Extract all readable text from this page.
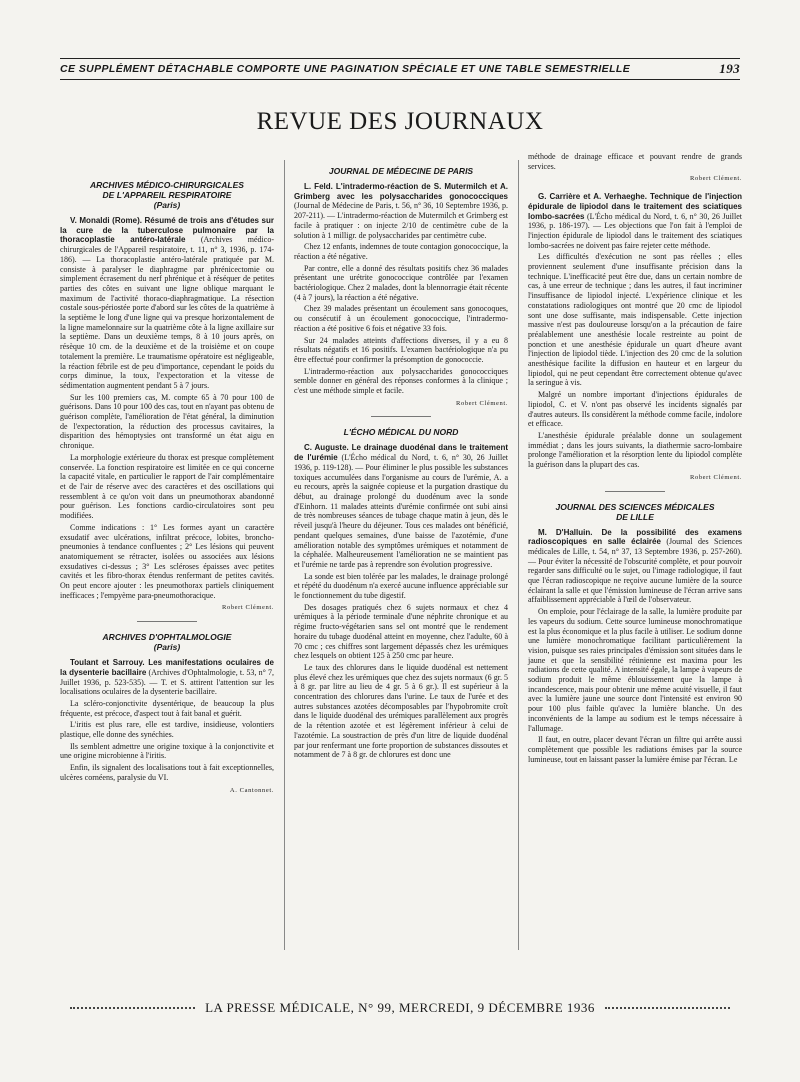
CE SUPPLÉMENT DÉTACHABLE COMPORTE UNE PAGINATION SPÉCIALE ET UNE TABLE SEMESTRIELLE	193
REVUE DES JOURNAUX
ARCHIVES MÉDICO-CHIRURGICALES
DE L'APPAREIL RESPIRATOIRE
(Paris)

V. Monaldi (Rome). Résumé de trois ans d'études sur la cure de la tuberculose pulmonaire par la thoracoplastie antéro-latérale (Archives médico-chirurgicales de l'Appareil respiratoire, t. 11, n° 3, 1936, p. 174-186). — La thoracoplastie antéro-latérale pratiquée par M. consiste à paralyser le diaphragme par phrénicectomie ou simplement écrasement du nerf phrénique et à réséquer de petites parties des côtes en suivant une ligne oblique marquant le maximum de l'activité thoraco-diaphragmatique. La résection costale sous-périostée porte d'abord sur les côtes de la quatrième à la septième le long d'une ligne qui va presque horizontalement de la ligne mamelonnaire sur la quatrième côte à la ligne axillaire sur la septième. Dans un deuxième temps, 8 à 10 jours après, on résèque 10 cm. de la deuxième et de la troisième et on coupe totalement la première. Le traumatisme opératoire est négligeable, la réaction fébrile est de peu d'importance, cependant le poids du corps diminue, la toux, l'expectoration et la vitesse de sédimentation augmentent pendant 5 à 7 jours.

Sur les 100 premiers cas, M. compte 65 à 70 pour 100 de guérisons. Dans 10 pour 100 des cas, tout en n'ayant pas obtenu de guérison complète, l'amélioration de l'état général, la diminution de l'expectoration, la réduction des processus cavitaires, la disparition des hémoptysies ont transformé un état aigu en chronique.

La morphologie extérieure du thorax est presque complètement conservée. La fonction respiratoire est limitée en ce qui concerne la capacité vitale, en particulier le rapport de l'air complémentaire et de l'air de réserve avec des caractères et des oscillations qui ressemblent à ce qu'on voit dans un pneumothorax abandonné pour guérison. Les fonctions cardio-circulatoires sont peu modifiées.

Comme indications : 1° Les formes ayant un caractère exsudatif avec ulcérations, infiltrat précoce, lobites, broncho-pneumonies à tendance confluentes ; 2° Les lésions qui peuvent anatomiquement se rétracter, isolées ou associées aux lésions exsudatives ci-dessus ; 3° Les scléroses épaisses avec petites cavités et les fibro-thorax étendus renfermant de petites cavités. On peut encore ajouter : les pneumothorax partiels cliniquement inefficaces ; l'empyème para-pneumothoracique.

Robert Clément.
ARCHIVES D'OPHTALMOLOGIE
(Paris)

Toulant et Sarrouy. Les manifestations oculaires de la dysenterie bacillaire (Archives d'Ophtalmologie, t. 53, n° 7, Juillet 1936, p. 523-535). — T. et S. attirent l'attention sur les localisations oculaires de la dysenterie bacillaire.

La scléro-conjonctivite dysentérique, de beaucoup la plus fréquente, est précoce, d'aspect tout à fait banal et guérit.

L'iritis est plus rare, elle est tardive, insidieuse, volontiers plastique, elle donne des synéchies.

Ils semblent admettre une origine toxique à la conjonctivite et une origine microbienne à l'iritis.

Enfin, ils signalent des localisations tout à fait exceptionnelles, ulcères cornéens, paralysie du VI.

A. Cantonnet.
JOURNAL DE MÉDECINE DE PARIS

L. Feld. L'intradermo-réaction de S. Mutermilch et A. Grimberg avec les polysaccharides gonococciques (Journal de Médecine de Paris, t. 56, n° 36, 10 Septembre 1936, p. 207-211). — L'intradermo-réaction de Mutermilch et Grimberg est facile à pratiquer : on injecte 2/10 de centimètre cube de la solution à 1 milligr. de polysaccharides par centimètre cube.

Chez 12 enfants, indemnes de toute contagion gonococcique, la réaction a été négative.

Par contre, elle a donné des résultats positifs chez 36 malades présentant une urétrite gonococcique contrôlée par l'examen bactériologique. Chez 2 malades, dont la blennorragie était récente (4 à 7 jours), la réaction a été négative.

Chez 39 malades présentant un écoulement sans gonocoques, ou consécutif à un écoulement gonococcique, l'intradermo-réaction a été positive 6 fois et négative 33 fois.

Sur 24 malades atteints d'affections diverses, il y a eu 8 résultats négatifs et 16 positifs. L'examen bactériologique n'a pu être effectué pour confirmer la présomption de gonococcie.

L'intradermo-réaction aux polysaccharides gonococciques semble donner en général des réponses conformes à la clinique ; c'est une méthode simple et facile.

Robert Clément.
L'ÉCHO MÉDICAL DU NORD

C. Auguste. Le drainage duodénal dans le traitement de l'urémie (L'Écho médical du Nord, t. 6, n° 30, 26 Juillet 1936, p. 119-128). — Pour éliminer le plus possible les substances toxiques accumulées dans l'organisme au cours de l'urémie, A. a eu recours, après la saignée copieuse et la purgation drastique du début, au drainage prolongé du duodénum avec la sonde d'Einhorn. 11 malades atteints d'urémie confirmée ont subi ainsi de très nombreuses séances de tubage chaque matin à jeun, dès le réveil jusqu'à l'heure du déjeuner. Tous ces malades ont bénéficié, pendant quelques semaines, d'une baisse de l'azotémie, d'une amélioration notable des symptômes urémiques et notamment de la céphalée. Malheureusement l'amélioration ne se maintient pas et l'urémie ne tarde pas à reprendre son évolution progressive.

La sonde est bien tolérée par les malades, le drainage prolongé et répété du duodénum n'a exercé aucune influence appréciable sur le fonctionnement du tube digestif.

Des dosages pratiqués chez 6 sujets normaux et chez 4 urémiques à la période terminale d'une néphrite chronique et au régime fructo-végétarien sans sel ont montré que le rendement horaire du tubage duodénal atteint en moyenne, chez l'adulte, 60 à 70 cmc ; ces chiffres sont largement dépassés chez les urémiques chez lesquels on obtient 125 à 250 cmc par heure.

Le taux des chlorures dans le liquide duodénal est nettement plus élevé chez les urémiques que chez des sujets normaux (6 gr. 5 à 8 gr. par litre au lieu de 4 gr. 5 à 6 gr.). Il est supérieur à la concentration des chlorures dans l'urine. Le taux de l'urée et des autres substances azotées décomposables par l'hypobromite croît dans le liquide duodénal des urémiques parallèlement aux progrès de la rétention azotée et est légèrement inférieur à celui de l'azotémie. La soustraction de près d'un litre de liquide duodénal par jour renfermant une forte proportion de substances dissoutes et notamment de 7 à 8 gr. de chlorures est donc une

méthode de drainage efficace et pouvant rendre de grands services.

Robert Clément.

G. Carrière et A. Verhaeghe. Technique de l'injection épidurale de lipiodol dans le traitement des sciatiques lombo-sacrées (L'Écho médical du Nord, t. 6, n° 30, 26 Juillet 1936, p. 186-197). — Les objections que l'on fait à l'emploi de l'injection épidurale de lipiodol dans le traitement des sciatiques lombo-sacrées ne doivent pas faire rejeter cette méthode.

Les difficultés d'exécution ne sont pas réelles ; elles proviennent seulement d'une insuffisante précision dans la technique. L'inefficacité peut être due, dans un certain nombre de cas, à une erreur de technique ; dans les autres, il faut incriminer l'insuffisance de lipiodol injecté. L'expérience clinique et les constatations radiologiques ont montré que 20 cmc de lipiodol sont une dose suffisante, mais indispensable. Cette injection massive n'est pas douloureuse lorsqu'on a la précaution de faire préalablement une anesthésie locale restreinte au point de ponction et une anesthésie épidurale un quart d'heure avant l'injection de lipiodol tiède. L'injection des 20 cmc de la solution anesthésique facilite la diffusion en hauteur et en largeur du lipiodol, qui ne peut cependant être correctement obtenue qu'avec la seringue à vis.

Malgré un nombre important d'injections épidurales de lipiodol, C. et V. n'ont pas observé les incidents signalés par d'autres auteurs. Ils considèrent la méthode comme facile, indolore et efficace.

L'anesthésie épidurale préalable donne un soulagement immédiat ; dans les jours suivants, la diathermie sacro-lombaire prolonge l'amélioration et la résorption lente du lipiodol complète la guérison dans la plupart des cas.

Robert Clément.
JOURNAL DES SCIENCES MÉDICALES
DE LILLE

M. D'Halluin. De la possibilité des examens radioscopiques en salle éclairée (Journal des Sciences médicales de Lille, t. 54, n° 37, 13 Septembre 1936, p. 257-260). — Pour éviter la nécessité de l'obscurité complète, et pour pouvoir regarder sans difficulté ou le sujet, ou l'image radiologique, il faut que l'écran radioscopique ne reçoive aucune lumière de la source éclairant la salle et que l'émission lumineuse de l'écran arrive sans affaiblissement appréciable à l'œil de l'observateur.

On emploie, pour l'éclairage de la salle, la lumière produite par les vapeurs du sodium. Cette source lumineuse monochromatique est la plus économique et la plus facile à utiliser. Le sodium donne une lumière monochromatique facilitant particulièrement la vision, puisque ses raies principales d'émission sont situées dans le jaune et que la sensibilité rétinienne est maxima pour les radiations de cette qualité. A intensité égale, la lampe à vapeurs de sodium produit le même éblouissement que la lampe à incandescence, mais pour obtenir une même acuité visuelle, il faut avec la lumière jaune une source dont l'intensité est environ 90 pour 100 plus faible qu'avec la lumière blanche. Un des inconvénients de la lampe au sodium est le temps nécessaire à l'allumage.

Il faut, en outre, placer devant l'écran un filtre qui arrête aussi complètement que possible les radiations émises par la source lumineuse, tout en laissant passer la lumière émise par l'écran. Le

LA PRESSE MÉDICALE, N° 99, MERCREDI, 9 DÉCEMBRE 1936
